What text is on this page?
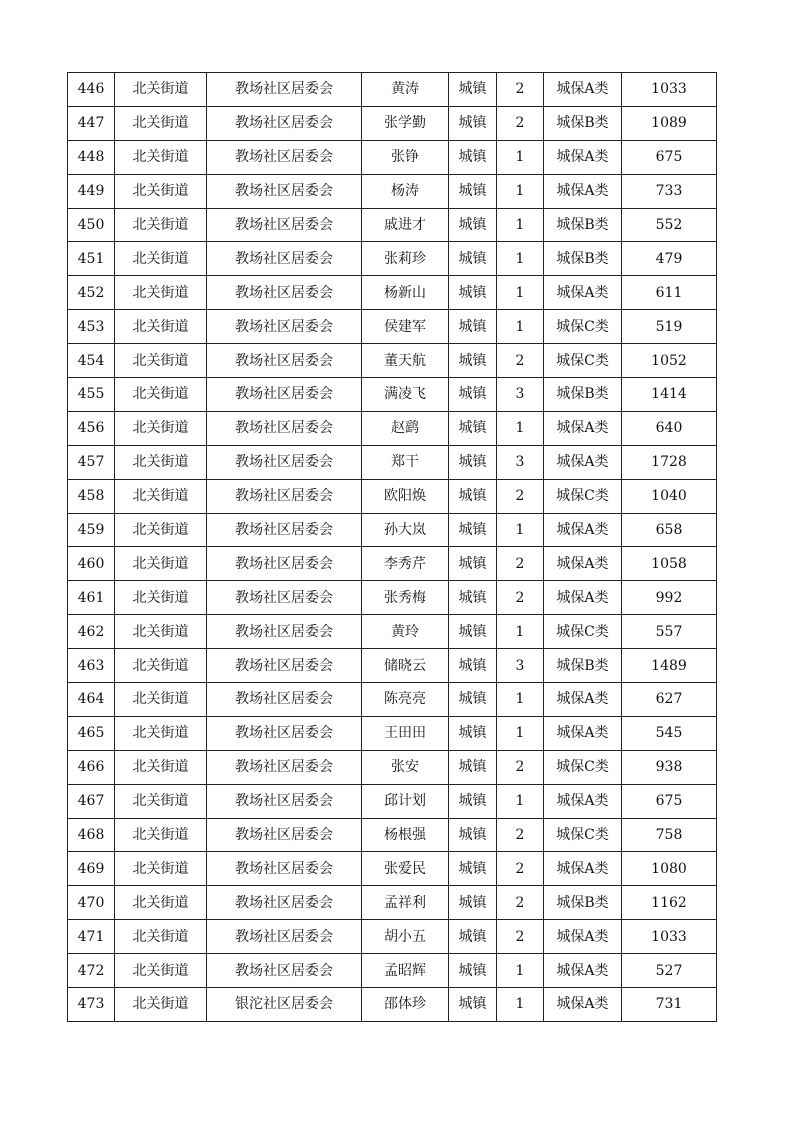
446	北关街道	教场社区居委会	黄涛	城镇	2	城保A类	1033
447	北关街道	教场社区居委会	张学勤	城镇	2	城保B类	1089
448	北关街道	教场社区居委会	张铮	城镇	1	城保A类	675
449	北关街道	教场社区居委会	杨涛	城镇	1	城保A类	733
450	北关街道	教场社区居委会	戚进才	城镇	1	城保B类	552
451	北关街道	教场社区居委会	张莉珍	城镇	1	城保B类	479
452	北关街道	教场社区居委会	杨新山	城镇	1	城保A类	611
453	北关街道	教场社区居委会	侯建军	城镇	1	城保C类	519
454	北关街道	教场社区居委会	董天航	城镇	2	城保C类	1052
455	北关街道	教场社区居委会	满凌飞	城镇	3	城保B类	1414
456	北关街道	教场社区居委会	赵鹞	城镇	1	城保A类	640
457	北关街道	教场社区居委会	郑干	城镇	3	城保A类	1728
458	北关街道	教场社区居委会	欧阳焕	城镇	2	城保C类	1040
459	北关街道	教场社区居委会	孙大岚	城镇	1	城保A类	658
460	北关街道	教场社区居委会	李秀芹	城镇	2	城保A类	1058
461	北关街道	教场社区居委会	张秀梅	城镇	2	城保A类	992
462	北关街道	教场社区居委会	黄玲	城镇	1	城保C类	557
463	北关街道	教场社区居委会	储晓云	城镇	3	城保B类	1489
464	北关街道	教场社区居委会	陈亮亮	城镇	1	城保A类	627
465	北关街道	教场社区居委会	王田田	城镇	1	城保A类	545
466	北关街道	教场社区居委会	张安	城镇	2	城保C类	938
467	北关街道	教场社区居委会	邱计划	城镇	1	城保A类	675
468	北关街道	教场社区居委会	杨根强	城镇	2	城保C类	758
469	北关街道	教场社区居委会	张爱民	城镇	2	城保A类	1080
470	北关街道	教场社区居委会	孟祥利	城镇	2	城保B类	1162
471	北关街道	教场社区居委会	胡小五	城镇	2	城保A类	1033
472	北关街道	教场社区居委会	孟昭辉	城镇	1	城保A类	527
473	北关街道	银沱社区居委会	邵体珍	城镇	1	城保A类	731
